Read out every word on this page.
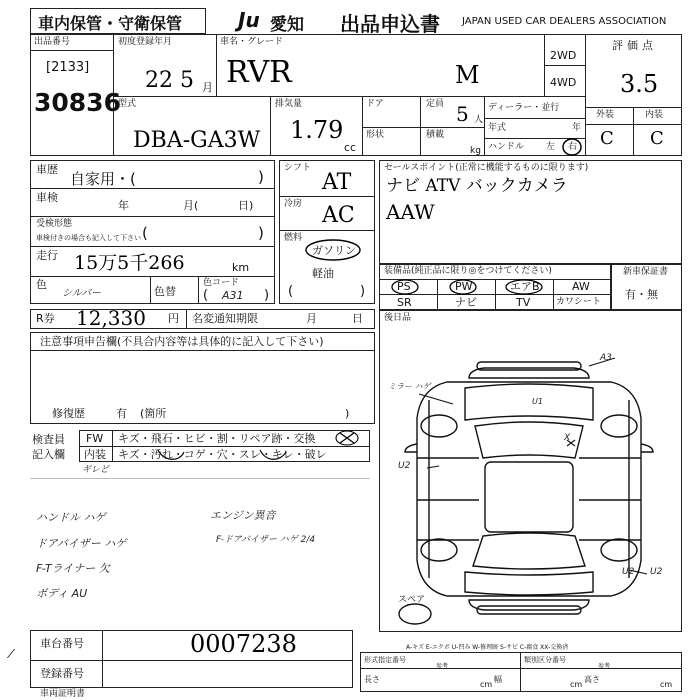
車内保管・守衛保管	Ju 愛知 出品申込書 JAPAN USED CAR DEALERS ASSOCIATION
出品番号
[2133]
30836
初度登録年月
22 5 月
車名・グレード
RVR	M
2WD
4WD
評価点
3.5
外装	内装
C C
型式
DBA-GA3W
排気量
1.79
cc
ドア	定員 5 人
形状	積載
kg
ディーラー・並行
年式	年
ハンドル 左 右
車歴
自家用・(	)
車検
年	月(	日)
受検形態
車検付きの場合も記入して下さい (	)
走行 15万5千266	km
色
シルバー	色替
色コード
( A31 )
シフト
AT
冷房 AC
燃料
ガソリン
軽油
(	)
セールスポイント(正常に機能するものに限ります)
ナビ ATV バックカメラ
AAW
装備品(純正品に限り◎をつけてください)
PS	PW	エアB	AW
SR	ナビ	TV	カワシート
新車保証書
有・無
R券 12,330 円 名変通知期限	月	日 後日品
注意事項申告欄(不具合内容等は具体的に記入して下さい)
修復歴	有 (箇所	)
検査員
記入欄
FW キズ・飛石・ヒビ・割・リペア跡・交換
内装 キズ・汚れ・コゲ・穴・スレ・キレ・破レ
ギレど
ハンドル ハゲ	エンジン異音
ドアバイザー ハゲ	F-ドアバイザー ハゲ 2/4
F-Tライナー 欠
ボディ AU
A3
ミラー ハゲ
U1
X
U2
U2 U2
スペア
A-キズ E-エクボ U-凹み W-修理跡 S-サビ C-腐食 XX-交換済
車台番号	0007238
登録番号
車両証明書
⁄	形式指定番号	類別区分番号
参考	参考
長さ
cm
幅
cm
高さ
cm
